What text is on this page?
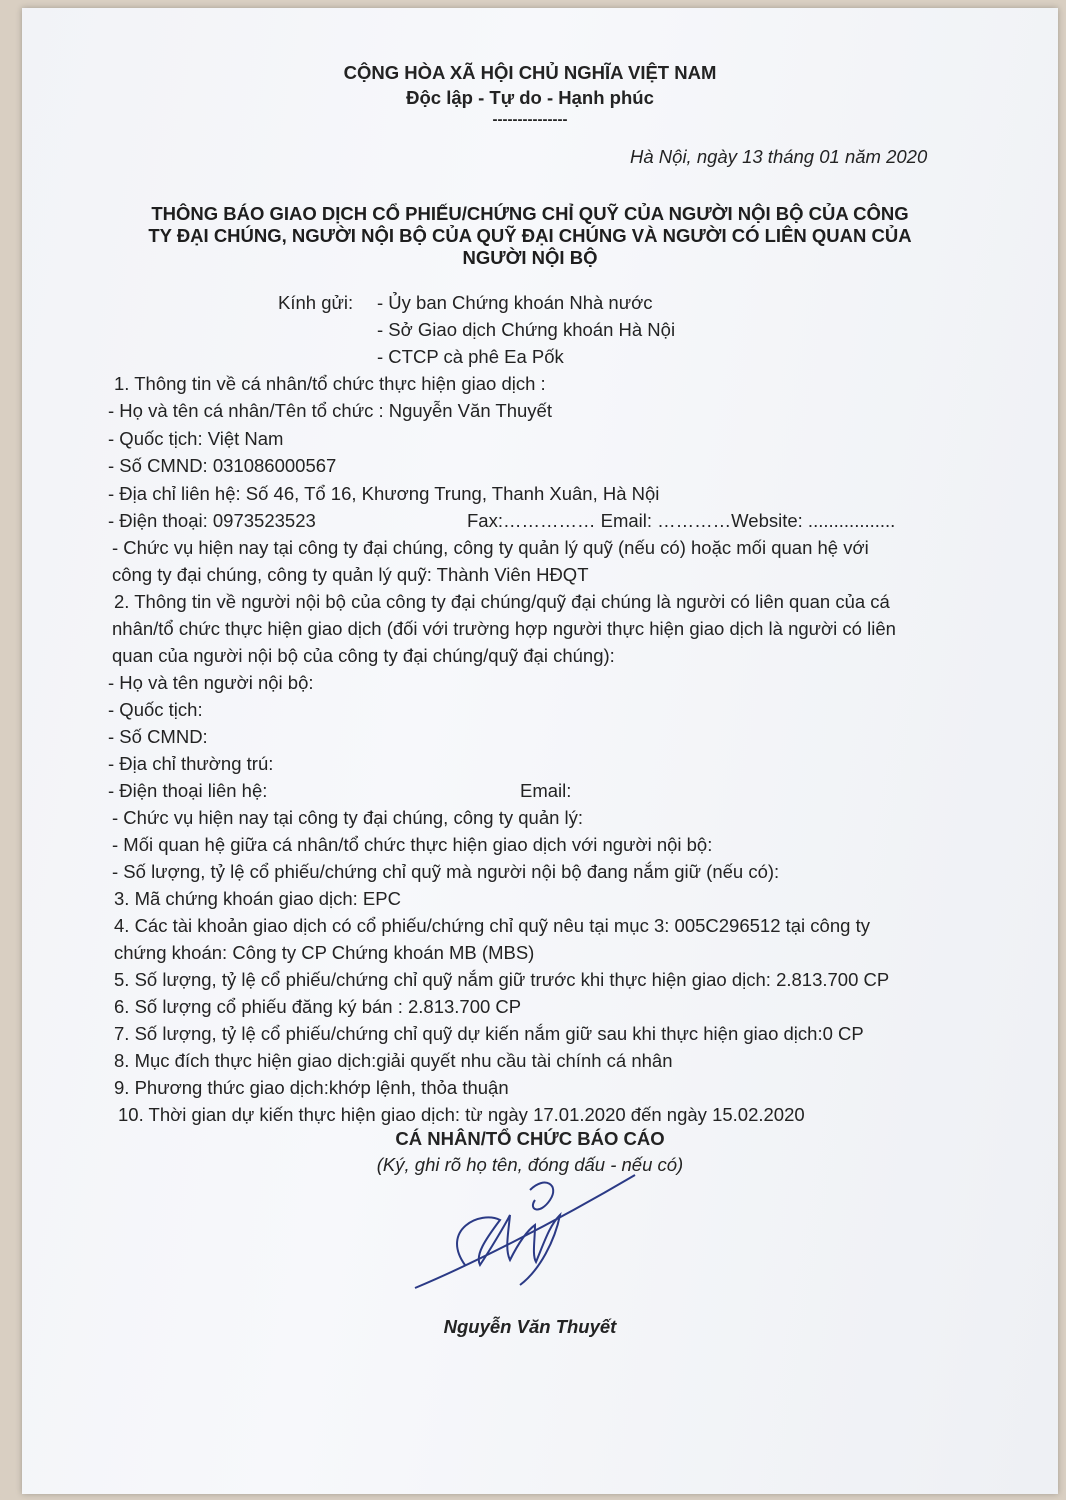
CỘNG HÒA XÃ HỘI CHỦ NGHĨA VIỆT NAM
Độc lập - Tự do - Hạnh phúc
---------------
Hà Nội, ngày 13 tháng 01 năm 2020
THÔNG BÁO GIAO DỊCH CỔ PHIẾU/CHỨNG CHỈ QUỸ CỦA NGƯỜI NỘI BỘ CỦA CÔNG
TY ĐẠI CHÚNG, NGƯỜI NỘI BỘ CỦA QUỸ ĐẠI CHÚNG VÀ NGƯỜI CÓ LIÊN QUAN CỦA
NGƯỜI NỘI BỘ
Kính gửi: - Ủy ban Chứng khoán Nhà nước
- Sở Giao dịch Chứng khoán Hà Nội
- CTCP cà phê Ea Pốk
1. Thông tin về cá nhân/tổ chức thực hiện giao dịch :
- Họ và tên cá nhân/Tên tổ chức : Nguyễn Văn Thuyết
- Quốc tịch: Việt Nam
- Số CMND: 031086000567
- Địa chỉ liên hệ: Số 46, Tổ 16, Khương Trung, Thanh Xuân, Hà Nội
- Điện thoại: 0973523523	Fax:…………… Email: …………Website: .................
- Chức vụ hiện nay tại công ty đại chúng, công ty quản lý quỹ (nếu có) hoặc mối quan hệ với
công ty đại chúng, công ty quản lý quỹ: Thành Viên HĐQT
2. Thông tin về người nội bộ của công ty đại chúng/quỹ đại chúng là người có liên quan của cá
nhân/tổ chức thực hiện giao dịch (đối với trường hợp người thực hiện giao dịch là người có liên
quan của người nội bộ của công ty đại chúng/quỹ đại chúng):
- Họ và tên người nội bộ:
- Quốc tịch:
- Số CMND:
- Địa chỉ thường trú:
- Điện thoại liên hệ:	Email:
- Chức vụ hiện nay tại công ty đại chúng, công ty quản lý:
- Mối quan hệ giữa cá nhân/tổ chức thực hiện giao dịch với người nội bộ:
- Số lượng, tỷ lệ cổ phiếu/chứng chỉ quỹ mà người nội bộ đang nắm giữ (nếu có):
3. Mã chứng khoán giao dịch: EPC
4. Các tài khoản giao dịch có cổ phiếu/chứng chỉ quỹ nêu tại mục 3: 005C296512 tại công ty
chứng khoán: Công ty CP Chứng khoán MB (MBS)
5. Số lượng, tỷ lệ cổ phiếu/chứng chỉ quỹ nắm giữ trước khi thực hiện giao dịch: 2.813.700 CP
6. Số lượng cổ phiếu đăng ký bán : 2.813.700 CP
7. Số lượng, tỷ lệ cổ phiếu/chứng chỉ quỹ dự kiến nắm giữ sau khi thực hiện giao dịch:0 CP
8. Mục đích thực hiện giao dịch:giải quyết nhu cầu tài chính cá nhân
9. Phương thức giao dịch:khớp lệnh, thỏa thuận
10. Thời gian dự kiến thực hiện giao dịch: từ ngày 17.01.2020 đến ngày 15.02.2020
CÁ NHÂN/TỔ CHỨC BÁO CÁO
(Ký, ghi rõ họ tên, đóng dấu - nếu có)
Nguyễn Văn Thuyết
